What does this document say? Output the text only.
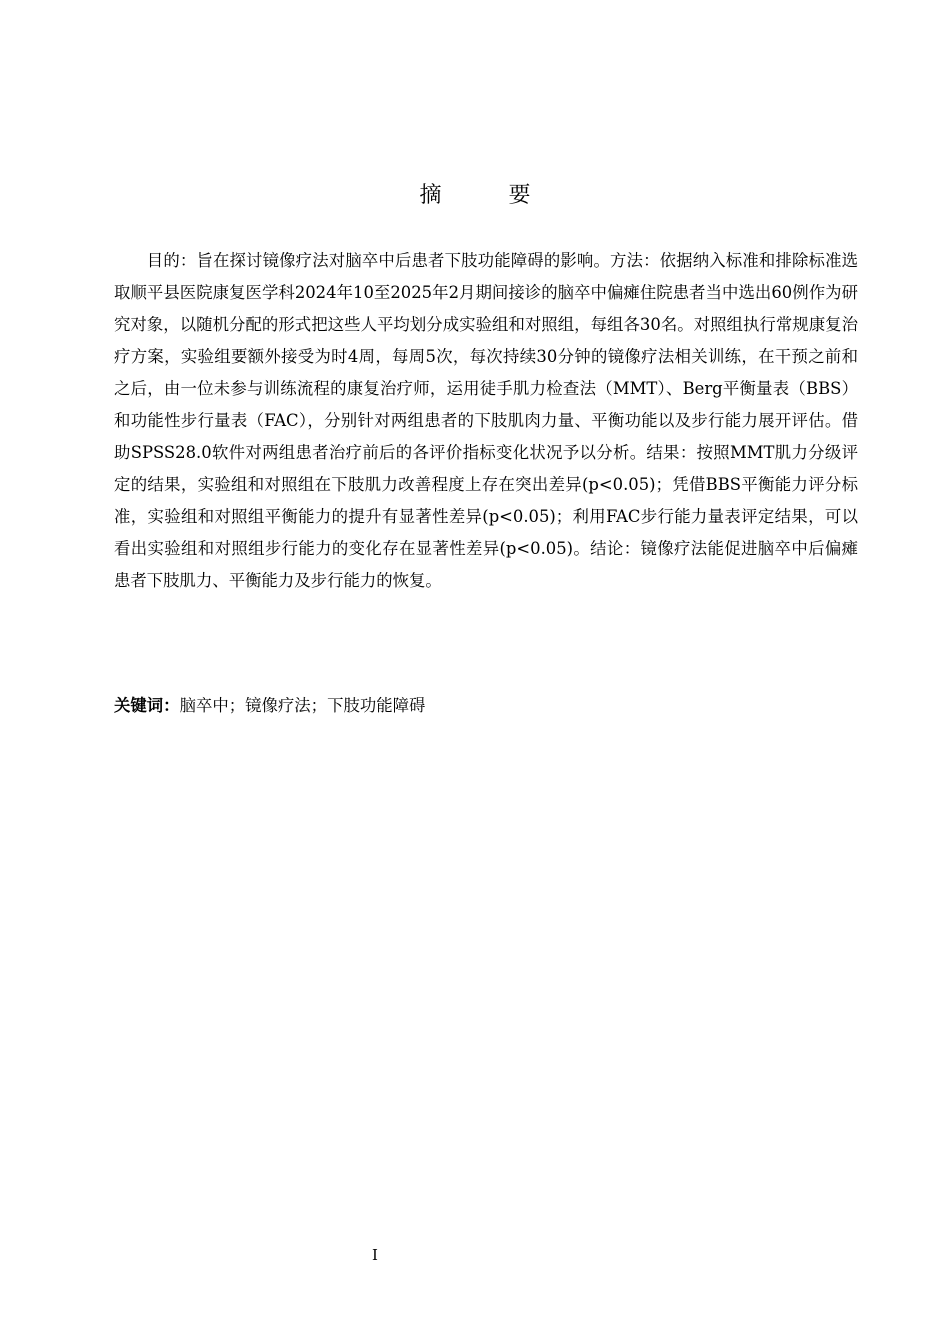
摘 要

目的：旨在探讨镜像疗法对脑卒中后患者下肢功能障碍的影响。方法：依据纳入标准和排除标准选取顺平县医院康复医学科2024年10至2025年2月期间接诊的脑卒中偏瘫住院患者当中选出60例作为研究对象，以随机分配的形式把这些人平均划分成实验组和对照组，每组各30名。对照组执行常规康复治疗方案，实验组要额外接受为时4周，每周5次，每次持续30分钟的镜像疗法相关训练，在干预之前和之后，由一位未参与训练流程的康复治疗师，运用徒手肌力检查法（MMT）、Berg平衡量表（BBS）和功能性步行量表（FAC），分别针对两组患者的下肢肌肉力量、平衡功能以及步行能力展开评估。借助SPSS28.0软件对两组患者治疗前后的各评价指标变化状况予以分析。结果：按照MMT肌力分级评定的结果，实验组和对照组在下肢肌力改善程度上存在突出差异(p<0.05)；凭借BBS平衡能力评分标准，实验组和对照组平衡能力的提升有显著性差异(p<0.05)；利用FAC步行能力量表评定结果，可以看出实验组和对照组步行能力的变化存在显著性差异(p<0.05)。结论：镜像疗法能促进脑卒中后偏瘫患者下肢肌力、平衡能力及步行能力的恢复。

关键词：脑卒中；镜像疗法；下肢功能障碍

I
